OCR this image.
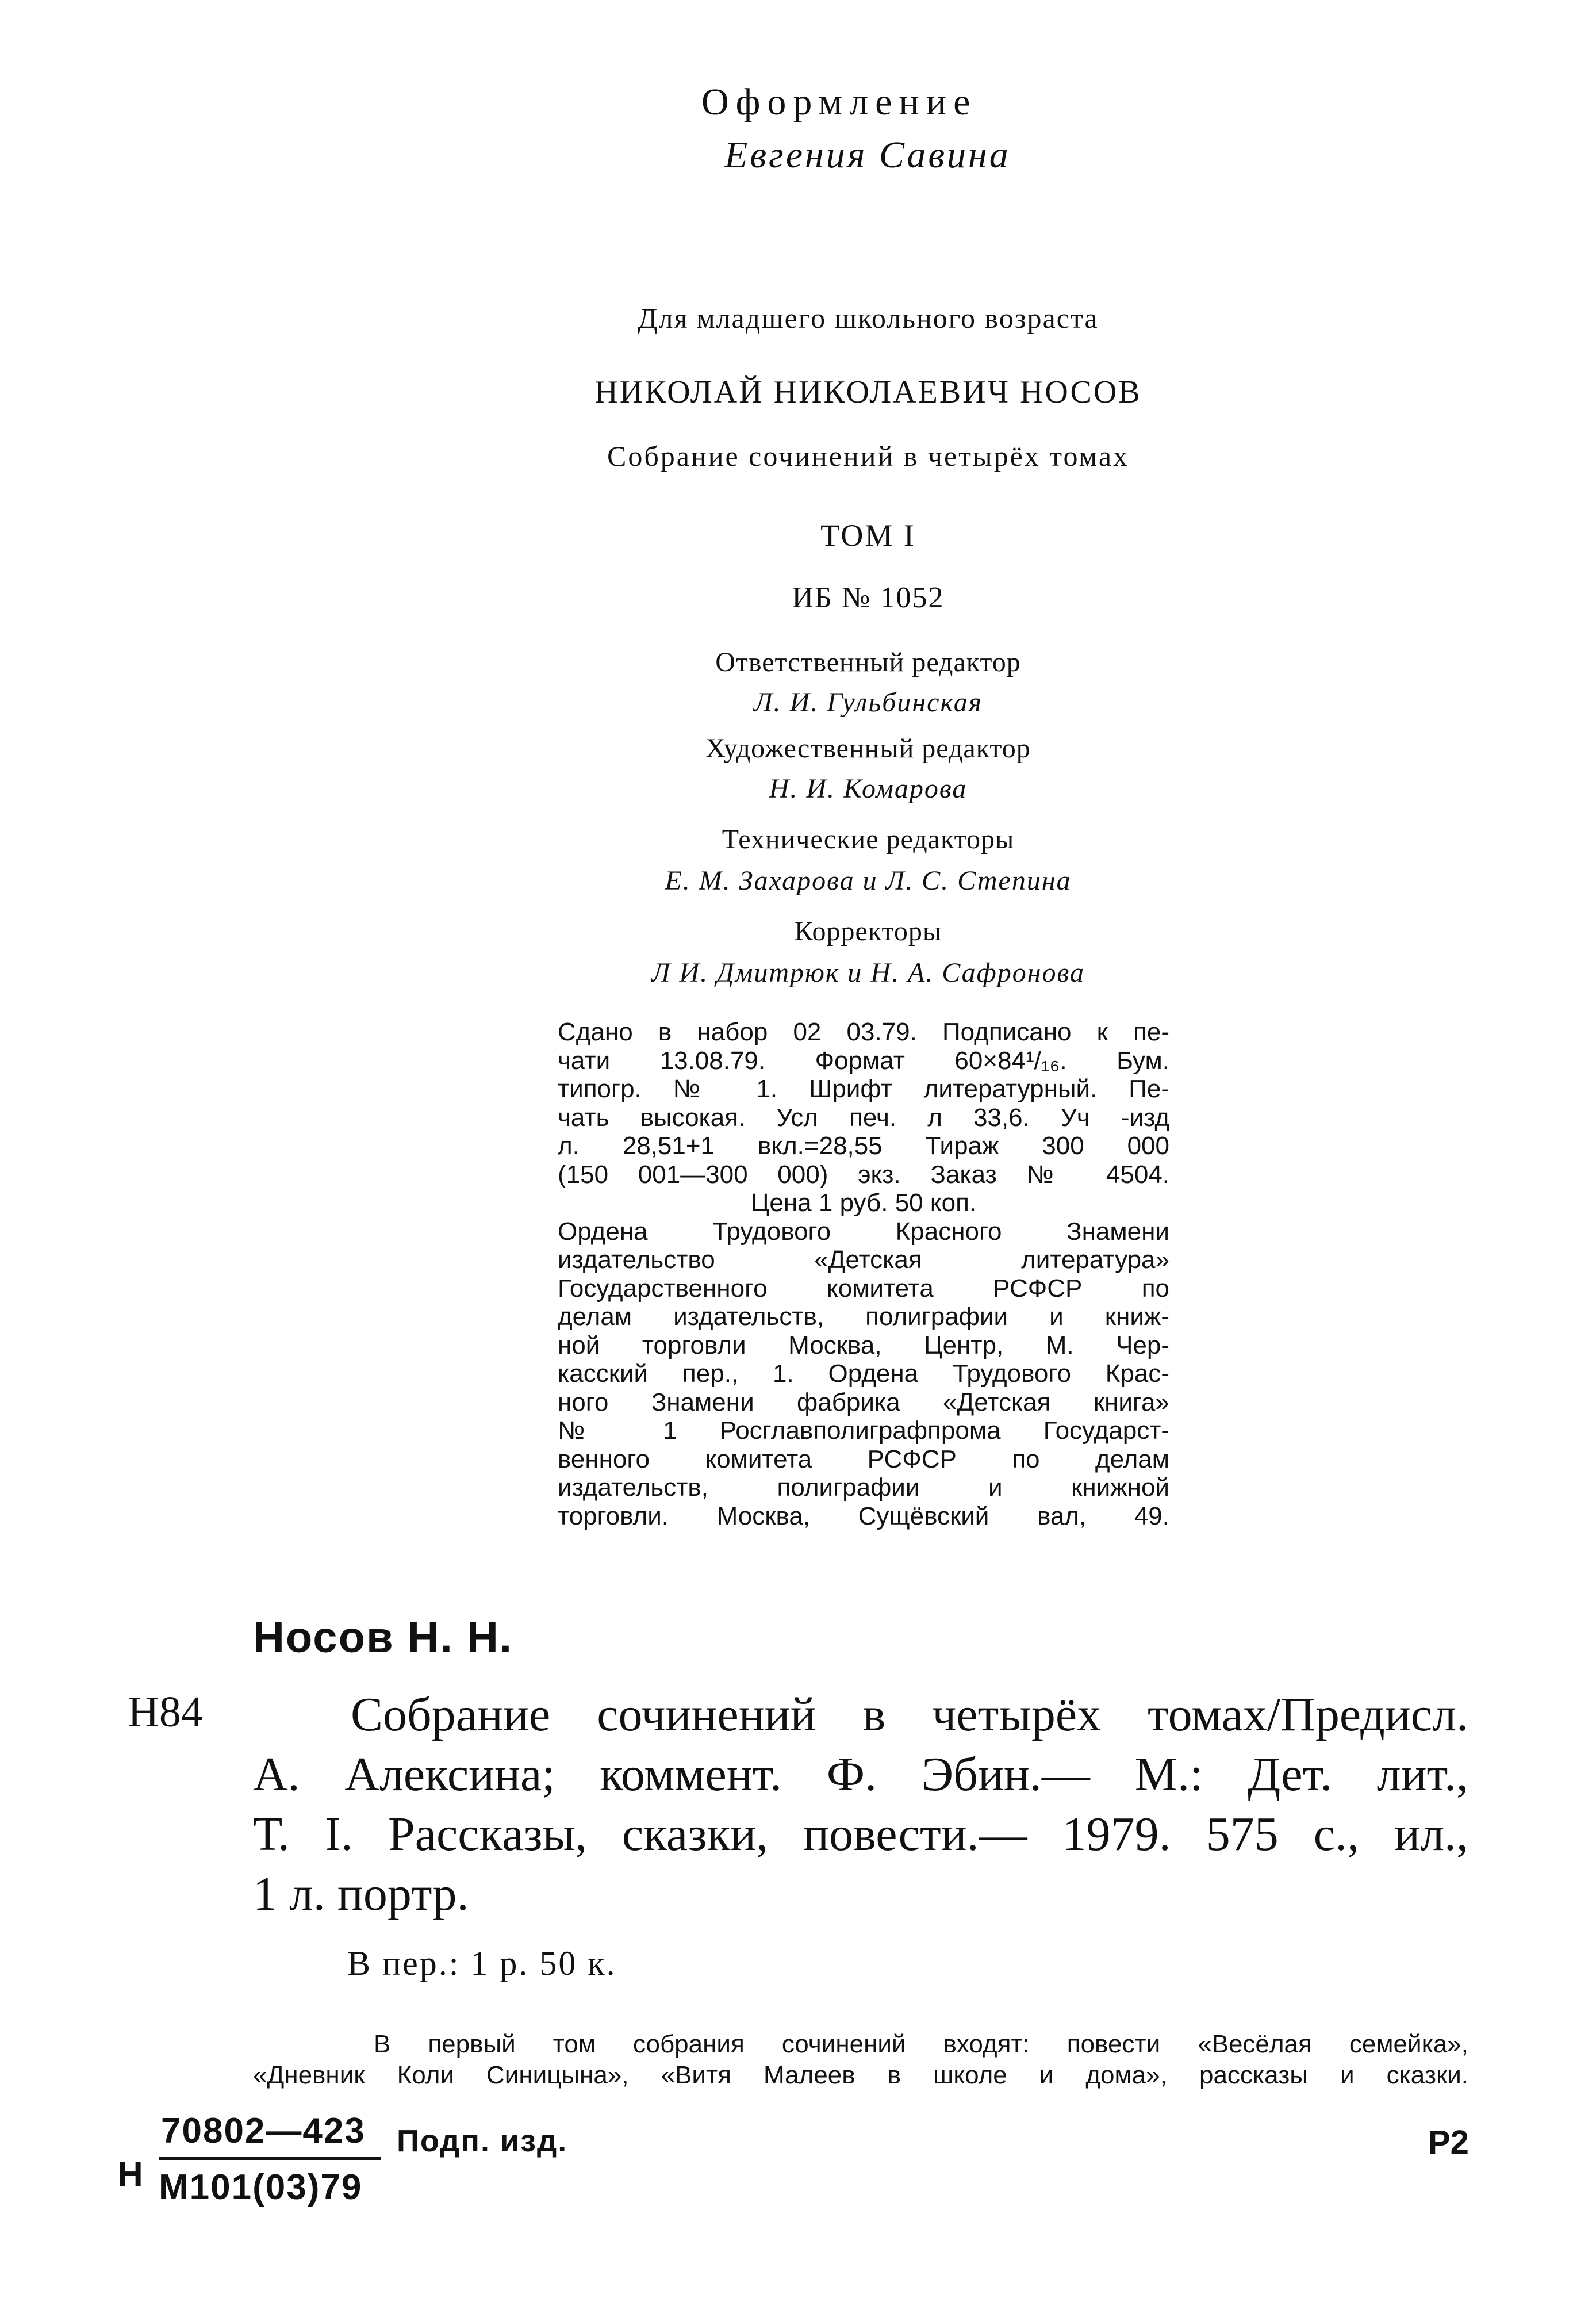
Оформление
Евгения Савина
Для младшего школьного возраста
НИКОЛАЙ НИКОЛАЕВИЧ НОСОВ
Собрание сочинений в четырёх томах
ТОМ I
ИБ № 1052
Ответственный редактор
Л. И. Гульбинская
Художественный редактор
Н. И. Комарова
Технические редакторы
Е. М. Захарова и Л. С. Степина
Корректоры
Л И. Дмитрюк и Н. А. Сафронова
Сдано в набор 02 03.79. Подписано к пе-
чати 13.08.79. Формат 60×84¹/₁₆. Бум.
типогр. № 1. Шрифт литературный. Пе-
чать высокая. Усл печ. л 33,6. Уч -изд
л. 28,51+1 вкл.=28,55 Тираж 300 000
(150 001—300 000) экз. Заказ № 4504.
Цена 1 руб. 50 коп.
Ордена Трудового Красного Знамени
издательство «Детская литература»
Государственного комитета РСФСР по
делам издательств, полиграфии и книж-
ной торговли Москва, Центр, М. Чер-
касский пер., 1. Ордена Трудового Крас-
ного Знамени фабрика «Детская книга»
№ 1 Росглавполиграфпрома Государст-
венного комитета РСФСР по делам
издательств, полиграфии и книжной
торговли. Москва, Сущёвский вал, 49.
Носов Н. Н.
Н84	Собрание сочинений в четырёх томах/Предисл.
А. Алексина; коммент. Ф. Эбин.— М.: Дет. лит.,
Т. I. Рассказы, сказки, повести.— 1979. 575 с., ил.,
1 л. портр.
В пер.: 1 р. 50 к.
В первый том собрания сочинений входят: повести «Весёлая семейка»,
«Дневник Коли Синицына», «Витя Малеев в школе и дома», рассказы и сказки.
Н
70802—423
М101(03)79
Подп. изд.	Р2
